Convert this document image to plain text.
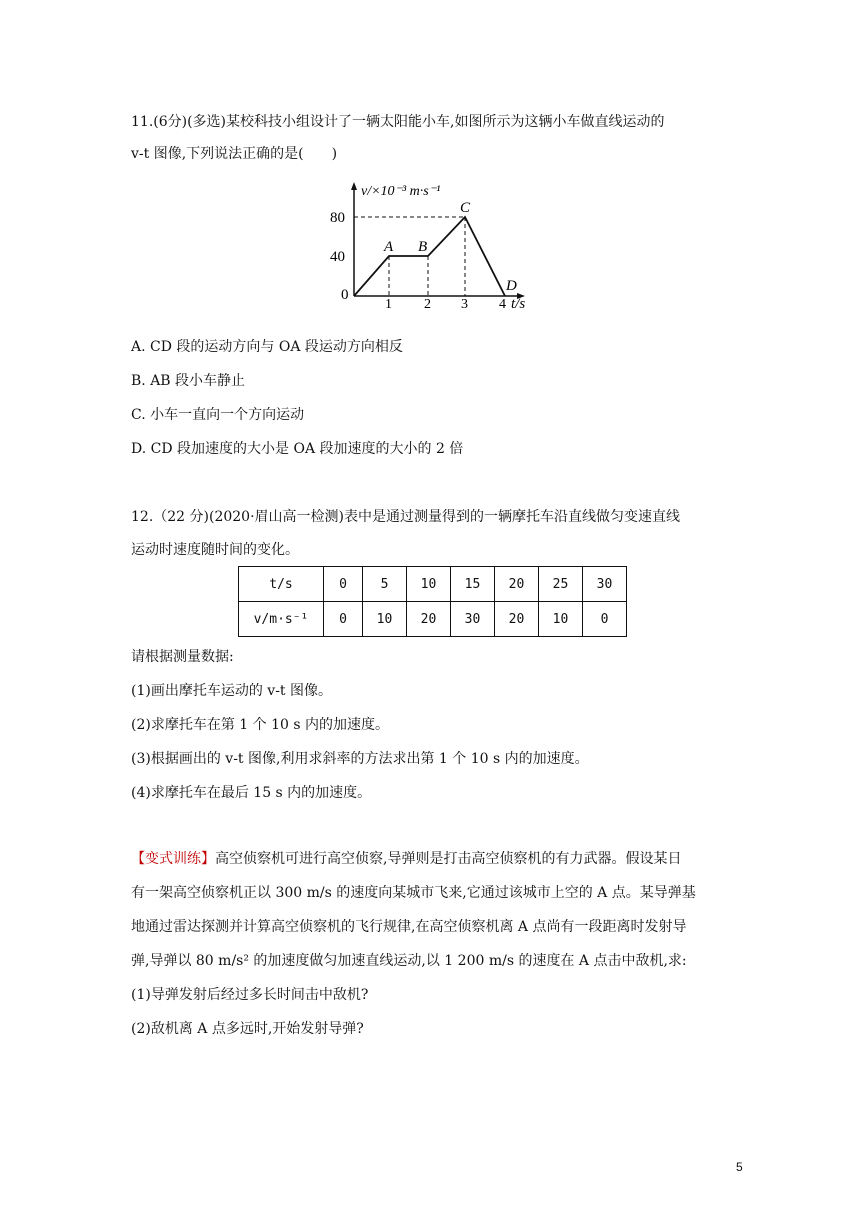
11.(6分)(多选)某校科技小组设计了一辆太阳能小车,如图所示为这辆小车做直线运动的
v-t 图像,下列说法正确的是(　　)
v/×10⁻³ m·s⁻¹
80
40
0
1 2 3 4 t/s
A B
C
D
A. CD 段的运动方向与 OA 段运动方向相反
B. AB 段小车静止
C. 小车一直向一个方向运动
D. CD 段加速度的大小是 OA 段加速度的大小的 2 倍
12.（22 分)(2020·眉山高一检测)表中是通过测量得到的一辆摩托车沿直线做匀变速直线
运动时速度随时间的变化。
t/s	0	5	10	15	20	25	30
v/m·s⁻¹	0	10	20	30	20	10	0
请根据测量数据:
(1)画出摩托车运动的 v-t 图像。
(2)求摩托车在第 1 个 10 s 内的加速度。
(3)根据画出的 v-t 图像,利用求斜率的方法求出第 1 个 10 s 内的加速度。
(4)求摩托车在最后 15 s 内的加速度。
【变式训练】高空侦察机可进行高空侦察,导弹则是打击高空侦察机的有力武器。假设某日
有一架高空侦察机正以 300 m/s 的速度向某城市飞来,它通过该城市上空的 A 点。某导弹基
地通过雷达探测并计算高空侦察机的飞行规律,在高空侦察机离 A 点尚有一段距离时发射导
弹,导弹以 80 m/s² 的加速度做匀加速直线运动,以 1 200 m/s 的速度在 A 点击中敌机,求:
(1)导弹发射后经过多长时间击中敌机?
(2)敌机离 A 点多远时,开始发射导弹?
5
